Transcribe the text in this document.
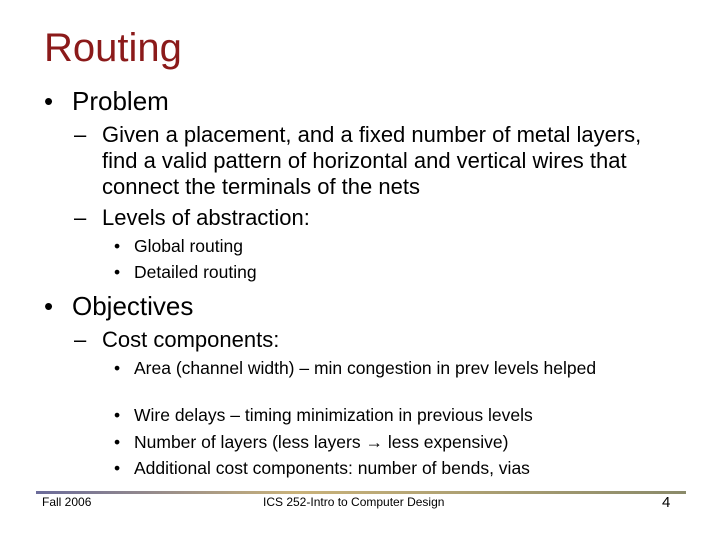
Routing
• Problem
– Given a placement, and a fixed number of metal layers, find a valid pattern of horizontal and vertical wires that connect the terminals of the nets
– Levels of abstraction:
• Global routing
• Detailed routing
• Objectives
– Cost components:
• Area (channel width) – min congestion in prev levels helped
• Wire delays – timing minimization in previous levels
• Number of layers (less layers → less expensive)
• Additional cost components: number of bends, vias
Fall 2006	ICS 252-Intro to Computer Design	4
